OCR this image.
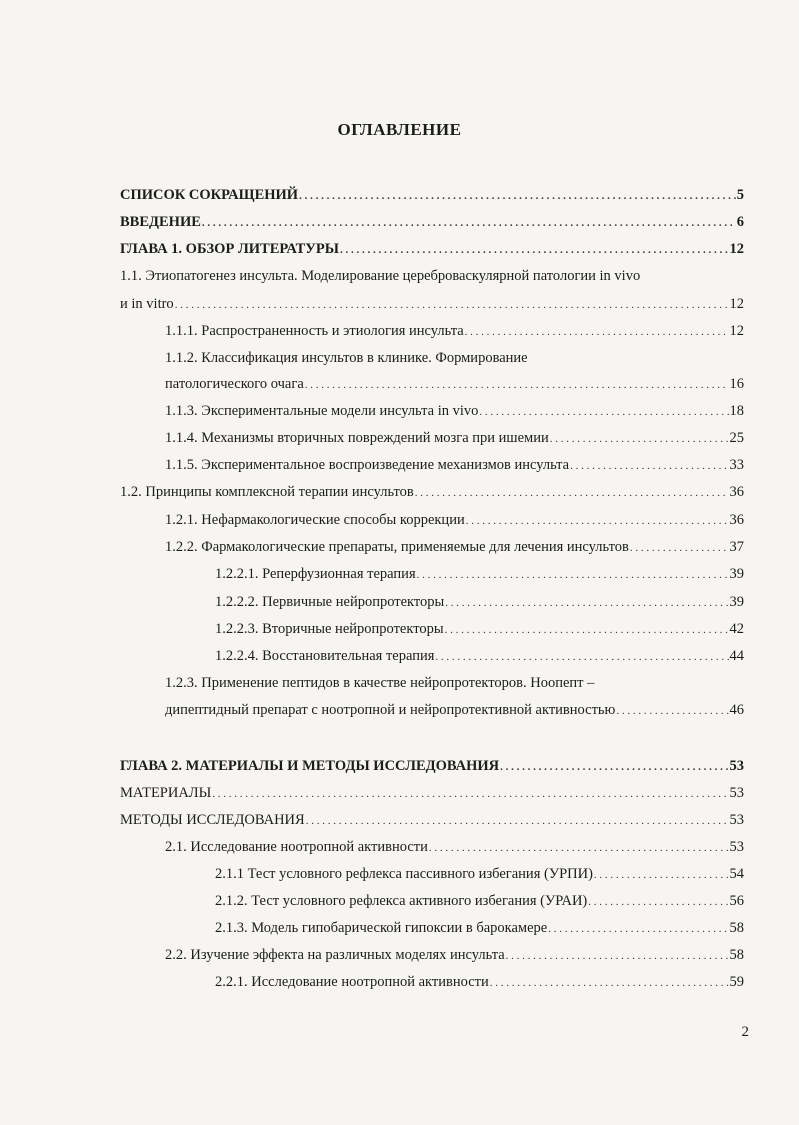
ОГЛАВЛЕНИЕ
СПИСОК СОКРАЩЕНИЙ . . .	5
ВВЕДЕНИЕ . . .	6
ГЛАВА 1. ОБЗОР ЛИТЕРАТУРЫ . . .	12
1.1. Этиопатогенез инсульта. Моделирование цереброваскулярной патологии in vivo
и in vitro . . .	12
1.1.1. Распространенность и этиология инсульта . . .	12
1.1.2. Классификация инсультов в клинике. Формирование
патологического очага . . .	16
1.1.3. Экспериментальные модели инсульта in vivo . . .	18
1.1.4. Механизмы вторичных повреждений мозга при ишемии . . .	25
1.1.5. Экспериментальное воспроизведение механизмов инсульта . . .	33
1.2. Принципы комплексной терапии инсультов . . .	36
1.2.1. Нефармакологические способы коррекции . . .	36
1.2.2. Фармакологические препараты, применяемые для лечения инсультов . . .	37
1.2.2.1. Реперфузионная терапия . . .	39
1.2.2.2. Первичные нейропротекторы . . .	39
1.2.2.3. Вторичные нейропротекторы . . .	42
1.2.2.4. Восстановительная терапия . . .	44
1.2.3. Применение пептидов в качестве нейропротекторов. Ноопепт –
дипептидный препарат с ноотропной и нейропротективной активностью . . .	46
ГЛАВА 2. МАТЕРИАЛЫ И МЕТОДЫ ИССЛЕДОВАНИЯ . . .	53
МАТЕРИАЛЫ . . .	53
МЕТОДЫ ИССЛЕДОВАНИЯ . . .	53
2.1. Исследование ноотропной активности . . .	53
2.1.1 Тест условного рефлекса пассивного избегания (УРПИ) . . .	54
2.1.2. Тест условного рефлекса активного избегания (УРАИ) . . .	56
2.1.3. Модель гипобарической гипоксии в барокамере . . .	58
2.2. Изучение эффекта на различных моделях инсульта . . .	58
2.2.1. Исследование ноотропной активности . . .	59
2
